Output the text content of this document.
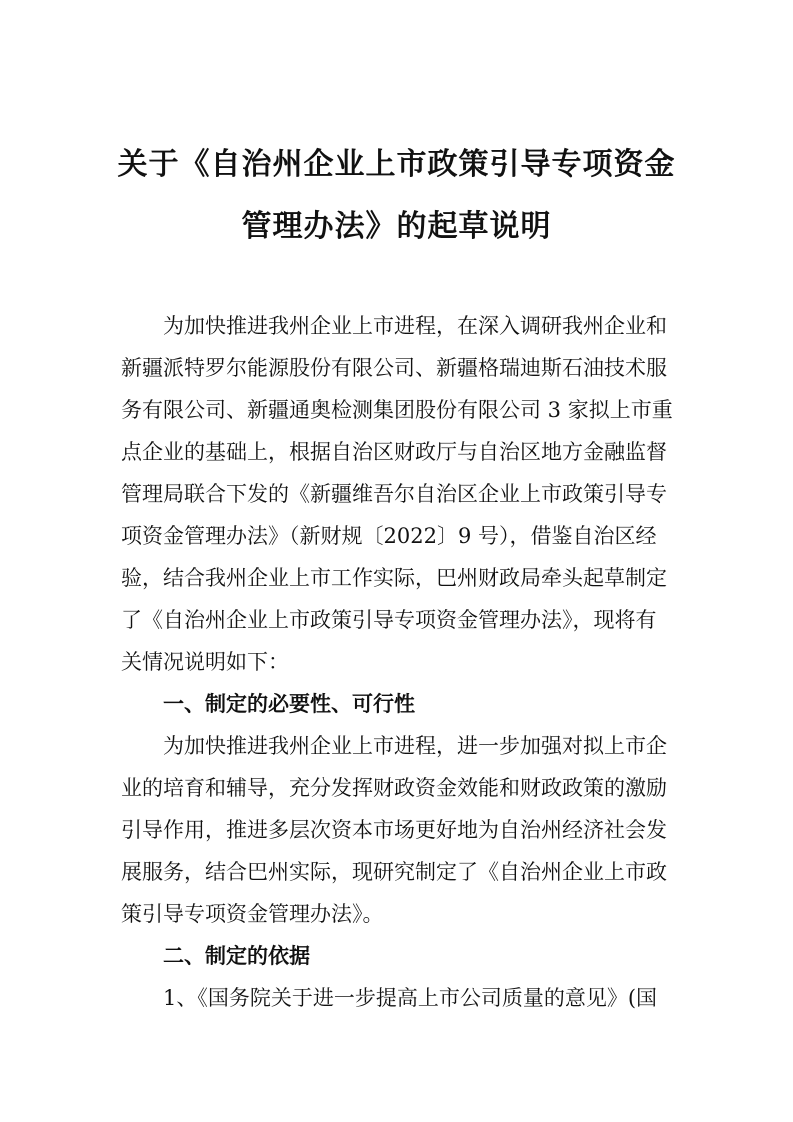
关于《自治州企业上市政策引导专项资金
管理办法》的起草说明
为加快推进我州企业上市进程，在深入调研我州企业和
新疆派特罗尔能源股份有限公司、新疆格瑞迪斯石油技术服
务有限公司、新疆通奥检测集团股份有限公司 3 家拟上市重
点企业的基础上，根据自治区财政厅与自治区地方金融监督
管理局联合下发的《新疆维吾尔自治区企业上市政策引导专
项资金管理办法》（新财规〔2022〕9 号），借鉴自治区经
验，结合我州企业上市工作实际，巴州财政局牵头起草制定
了《自治州企业上市政策引导专项资金管理办法》，现将有
关情况说明如下：
一、制定的必要性、可行性
为加快推进我州企业上市进程，进一步加强对拟上市企
业的培育和辅导，充分发挥财政资金效能和财政政策的激励
引导作用，推进多层次资本市场更好地为自治州经济社会发
展服务，结合巴州实际，现研究制定了《自治州企业上市政
策引导专项资金管理办法》。
二、制定的依据
1、《国务院关于进一步提高上市公司质量的意见》(国
